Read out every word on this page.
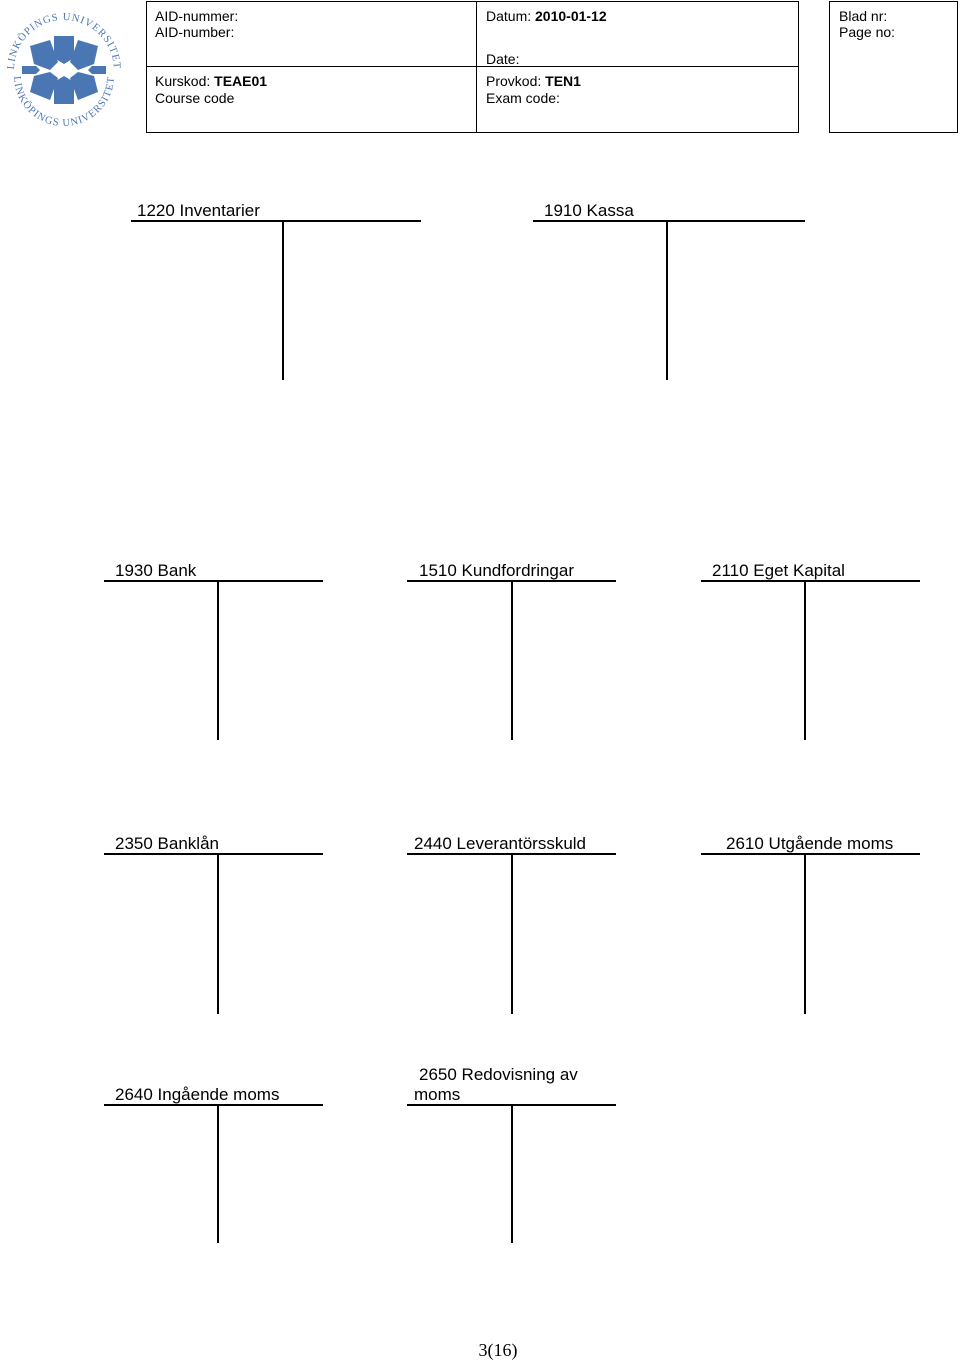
LINKÖPINGS UNIVERSITET
LINKÖPINGS UNIVERSITET
AID-nummer:
AID-number:
Datum: 2010-01-12
Date:
Kurskod: TEAE01
Course code
Provkod: TEN1
Exam code:
Blad nr:
Page no:
1220 Inventarier	1910 Kassa
1930 Bank	1510 Kundfordringar	2110 Eget Kapital
2350 Banklån	2440 Leverantörsskuld	2610 Utgående moms
2640 Ingående moms
2650 Redovisning av moms
3(16)
